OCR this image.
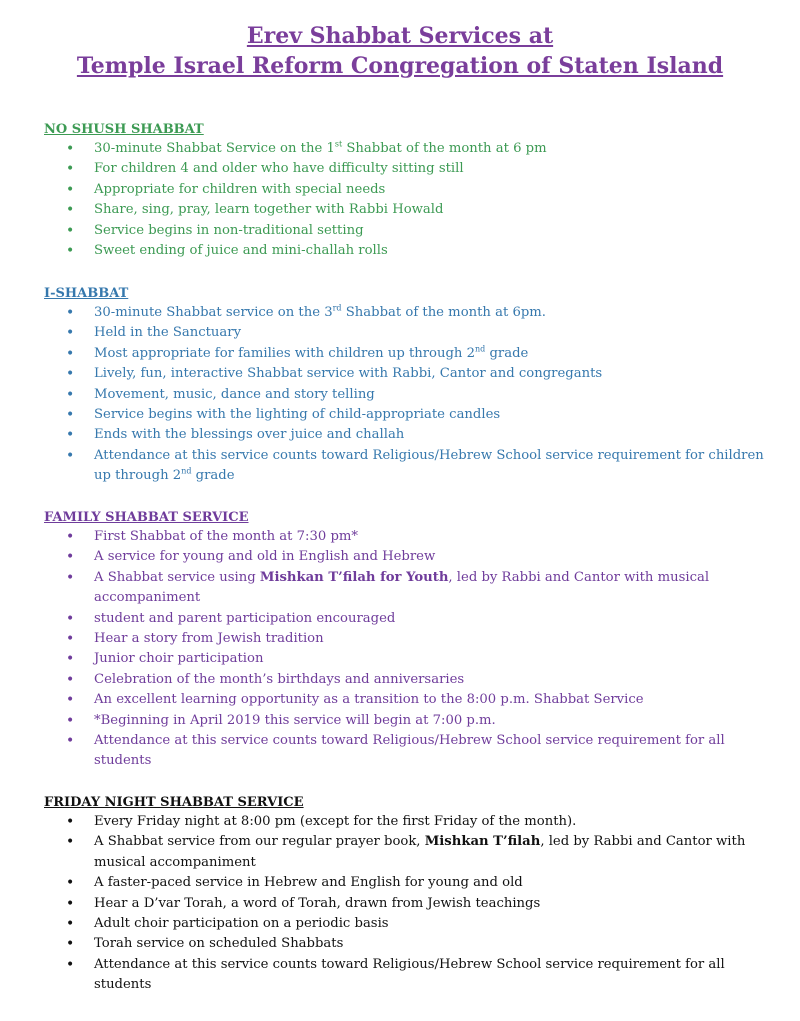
Erev Shabbat Services at
Temple Israel Reform Congregation of Staten Island
NO SHUSH SHABBAT
• 30-minute Shabbat Service on the 1st Shabbat of the month at 6 pm
• For children 4 and older who have difficulty sitting still
• Appropriate for children with special needs
• Share, sing, pray, learn together with Rabbi Howald
• Service begins in non-traditional setting
• Sweet ending of juice and mini-challah rolls
I-SHABBAT
• 30-minute Shabbat service on the 3rd Shabbat of the month at 6pm.
• Held in the Sanctuary
• Most appropriate for families with children up through 2nd grade
• Lively, fun, interactive Shabbat service with Rabbi, Cantor and congregants
• Movement, music, dance and story telling
• Service begins with the lighting of child-appropriate candles
• Ends with the blessings over juice and challah
• Attendance at this service counts toward Religious/Hebrew School service requirement for children up through 2nd grade
FAMILY SHABBAT SERVICE
• First Shabbat of the month at 7:30 pm*
• A service for young and old in English and Hebrew
• A Shabbat service using Mishkan T’filah for Youth, led by Rabbi and Cantor with musical accompaniment
• student and parent participation encouraged
• Hear a story from Jewish tradition
• Junior choir participation
• Celebration of the month’s birthdays and anniversaries
• An excellent learning opportunity as a transition to the 8:00 p.m. Shabbat Service
• *Beginning in April 2019 this service will begin at 7:00 p.m.
• Attendance at this service counts toward Religious/Hebrew School service requirement for all students
FRIDAY NIGHT SHABBAT SERVICE
• Every Friday night at 8:00 pm (except for the first Friday of the month).
• A Shabbat service from our regular prayer book, Mishkan T’filah, led by Rabbi and Cantor with musical accompaniment
• A faster-paced service in Hebrew and English for young and old
• Hear a D’var Torah, a word of Torah, drawn from Jewish teachings
• Adult choir participation on a periodic basis
• Torah service on scheduled Shabbats
• Attendance at this service counts toward Religious/Hebrew School service requirement for all students
